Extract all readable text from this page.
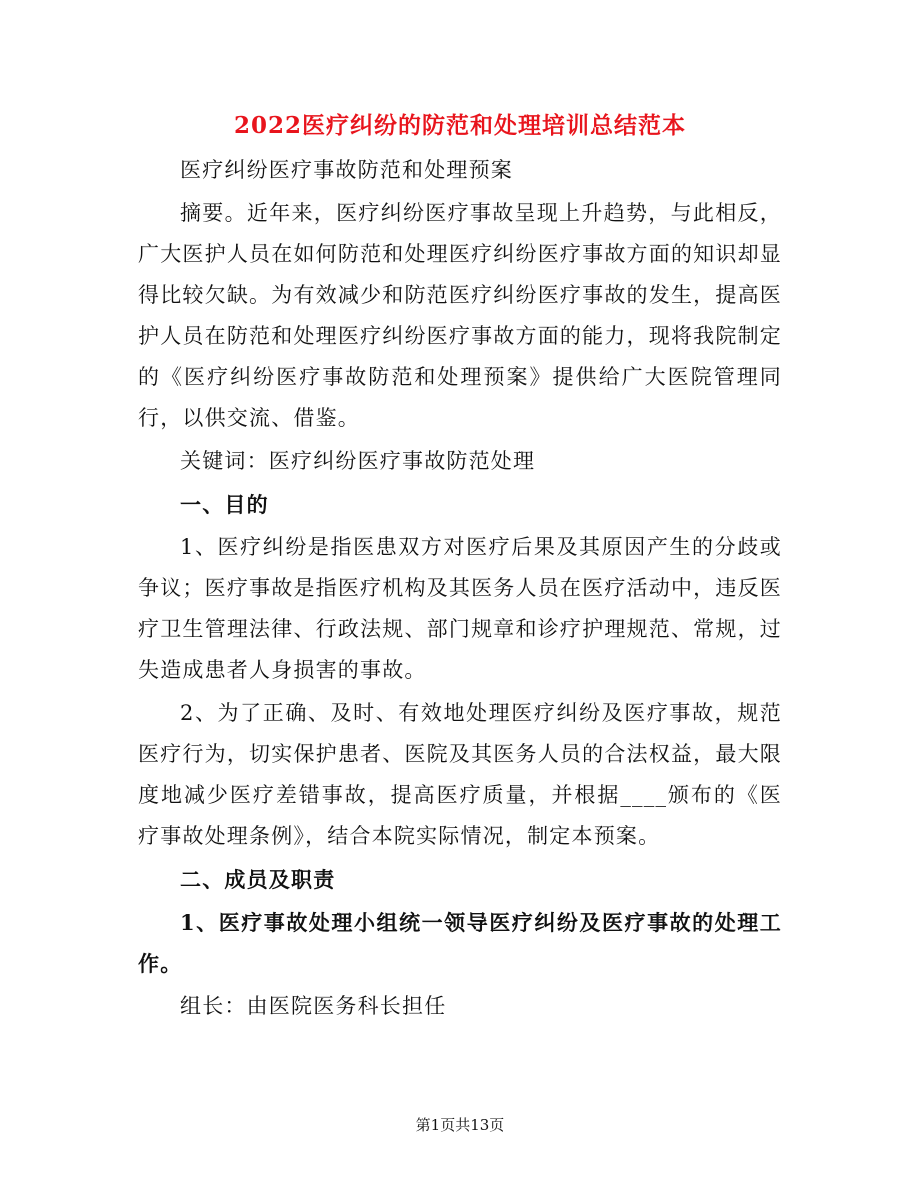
2022医疗纠纷的防范和处理培训总结范本

医疗纠纷医疗事故防范和处理预案

摘要。近年来，医疗纠纷医疗事故呈现上升趋势，与此相反，广大医护人员在如何防范和处理医疗纠纷医疗事故方面的知识却显得比较欠缺。为有效减少和防范医疗纠纷医疗事故的发生，提高医护人员在防范和处理医疗纠纷医疗事故方面的能力，现将我院制定的《医疗纠纷医疗事故防范和处理预案》提供给广大医院管理同行，以供交流、借鉴。

关键词：医疗纠纷医疗事故防范处理

一、目的

1、医疗纠纷是指医患双方对医疗后果及其原因产生的分歧或争议；医疗事故是指医疗机构及其医务人员在医疗活动中，违反医疗卫生管理法律、行政法规、部门规章和诊疗护理规范、常规，过失造成患者人身损害的事故。

2、为了正确、及时、有效地处理医疗纠纷及医疗事故，规范医疗行为，切实保护患者、医院及其医务人员的合法权益，最大限度地减少医疗差错事故，提高医疗质量，并根据____颁布的《医疗事故处理条例》，结合本院实际情况，制定本预案。

二、成员及职责

1、医疗事故处理小组统一领导医疗纠纷及医疗事故的处理工作。

组长：由医院医务科长担任

第1页共13页
